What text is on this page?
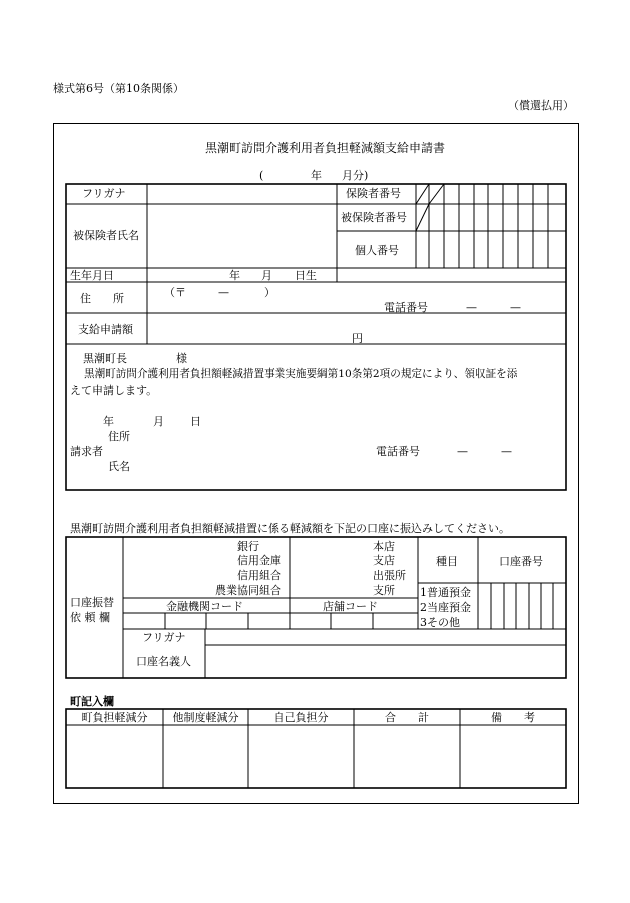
様式第6号（第10条関係）
（償還払用）
黒潮町訪問介護利用者負担軽減額支給申請書
(	年 月分)
フリガナ
被保険者氏名
保険者番号
被保険者番号
個人番号
生年月日	年 月 日生
住　　所	（〒	—	）
電話番号	—　　　—
支給申請額
円
黒潮町長	様
黒潮町訪問介護利用者負担額軽減措置事業実施要綱第10条第2項の規定により、領収証を添
えて申請します。
年	月 日
住所
請求者	電話番号	—　　　—
氏名
黒潮町訪問介護利用者負担額軽減措置に係る軽減額を下記の口座に振込みしてください。
口座振替
依 頼 欄
銀行
信用金庫
信用組合
農業協同組合
本店
支店
出張所
支所
種目	口座番号
1普通預金
2当座預金
3その他
金融機関コード	店舗コード
フリガナ
口座名義人
町記入欄
町負担軽減分	他制度軽減分	自己負担分	合　　計	備　　考
